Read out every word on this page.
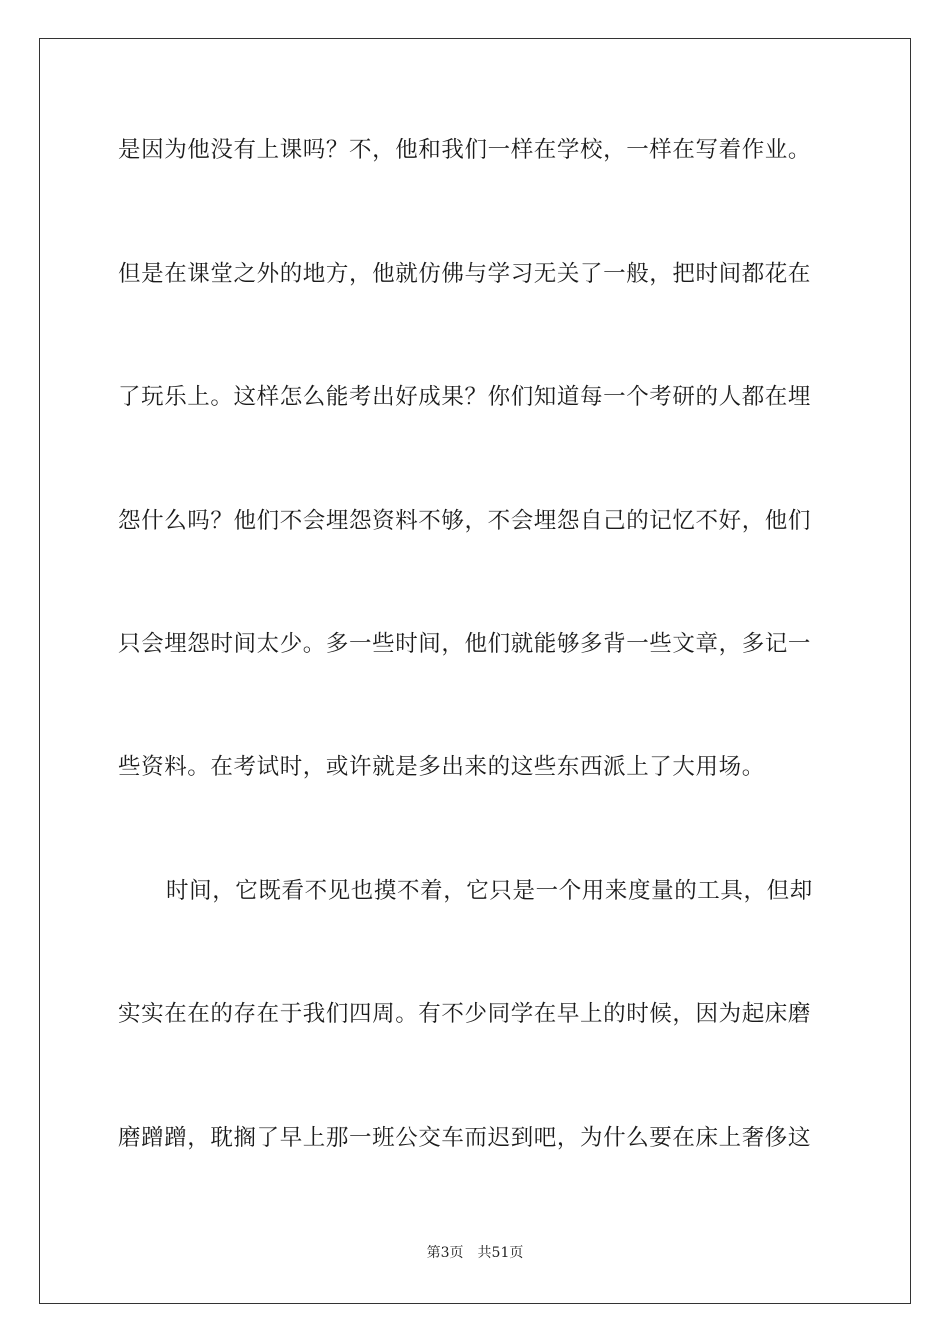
是因为他没有上课吗？不，他和我们一样在学校，一样在写着作业。
但是在课堂之外的地方，他就仿佛与学习无关了一般，把时间都花在
了玩乐上。这样怎么能考出好成果？你们知道每一个考研的人都在埋
怨什么吗？他们不会埋怨资料不够，不会埋怨自己的记忆不好，他们
只会埋怨时间太少。多一些时间，他们就能够多背一些文章，多记一
些资料。在考试时，或许就是多出来的这些东西派上了大用场。
时间，它既看不见也摸不着，它只是一个用来度量的工具，但却
实实在在的存在于我们四周。有不少同学在早上的时候，因为起床磨
磨蹭蹭，耽搁了早上那一班公交车而迟到吧，为什么要在床上奢侈这
第3页 共51页
